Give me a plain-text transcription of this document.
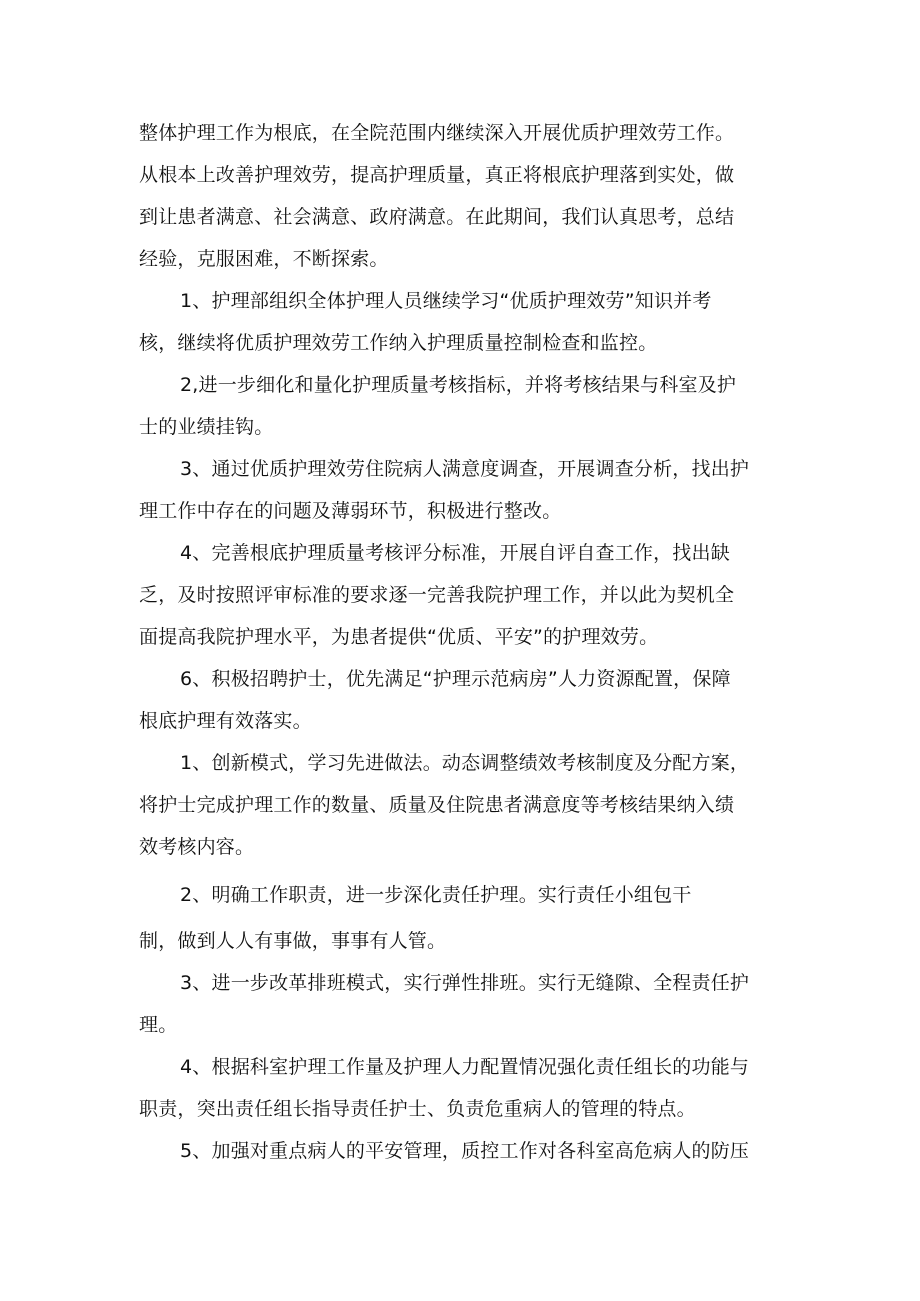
整体护理工作为根底，在全院范围内继续深入开展优质护理效劳工作。
从根本上改善护理效劳，提高护理质量，真正将根底护理落到实处，做
到让患者满意、社会满意、政府满意。在此期间，我们认真思考，总结
经验，克服困难，不断探索。
1、护理部组织全体护理人员继续学习“优质护理效劳”知识并考
核，继续将优质护理效劳工作纳入护理质量控制检查和监控。
2,进一步细化和量化护理质量考核指标，并将考核结果与科室及护
士的业绩挂钩。
3、通过优质护理效劳住院病人满意度调查，开展调查分析，找出护
理工作中存在的问题及薄弱环节，积极进行整改。
4、完善根底护理质量考核评分标准，开展自评自查工作，找出缺
乏，及时按照评审标准的要求逐一完善我院护理工作，并以此为契机全
面提高我院护理水平，为患者提供“优质、平安”的护理效劳。
6、积极招聘护士，优先满足“护理示范病房”人力资源配置，保障
根底护理有效落实。
1、创新模式，学习先进做法。动态调整绩效考核制度及分配方案，
将护士完成护理工作的数量、质量及住院患者满意度等考核结果纳入绩
效考核内容。
2、明确工作职责，进一步深化责任护理。实行责任小组包干
制，做到人人有事做，事事有人管。
3、进一步改革排班模式，实行弹性排班。实行无缝隙、全程责任护
理。
4、根据科室护理工作量及护理人力配置情况强化责任组长的功能与
职责，突出责任组长指导责任护士、负责危重病人的管理的特点。
5、加强对重点病人的平安管理，质控工作对各科室高危病人的防压
